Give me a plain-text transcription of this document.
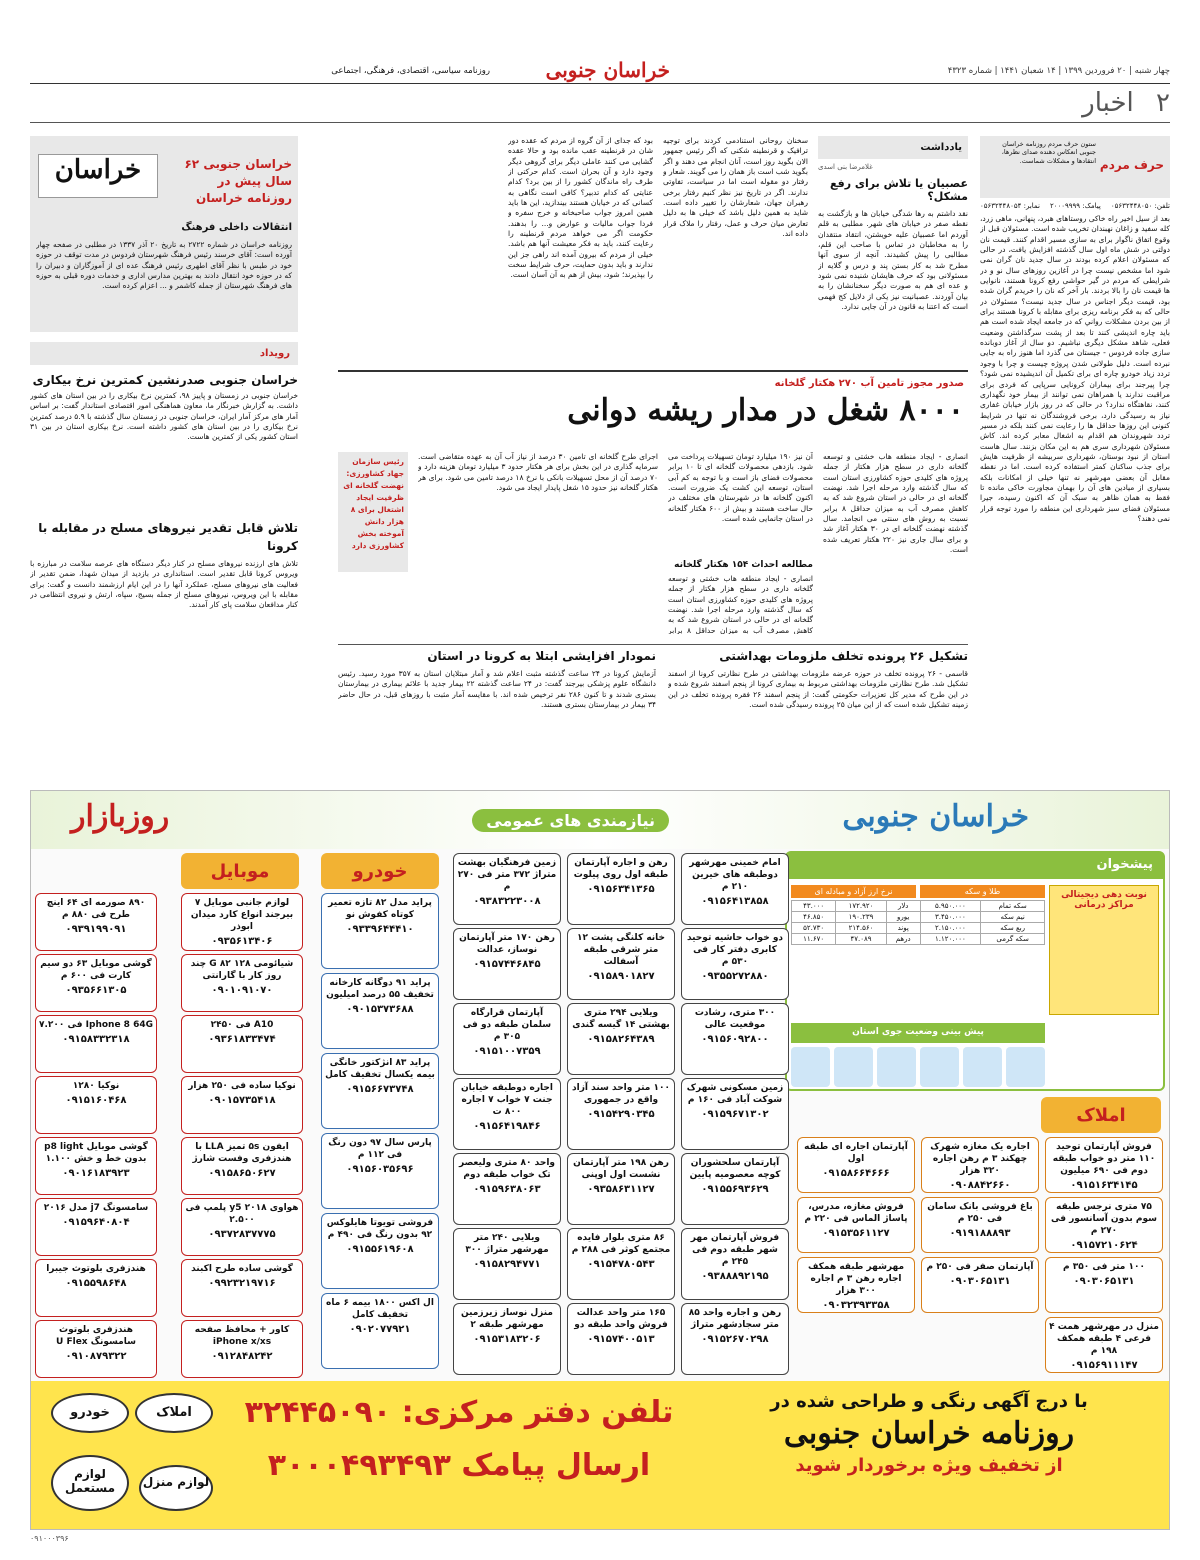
چهار شنبه | ۲۰ فروردین ۱۳۹۹ | ۱۴ شعبان ۱۴۴۱ | شماره ۴۳۲۳
خراسان جنوبی
روزنامه سیاسی، اقتصادی، فرهنگی، اجتماعی
۲ اخبار
حرف مردم
ستون حرف مردم روزنامه خراسان جنوبی انعکاس دهنده صدای نظرها، انتقادها و مشکلات شماست.
تلفن: ۰۵۶۳۲۴۴۸۰۵۰
پیامک: ۲۰۰۰۹۹۹۹
نمابر: ۰۵۶۳۲۴۴۸۰۵۴
بعد از سیل اخیر راه خاکی روستاهای هبرد، پنهانی، ماهی زرد، کله سفید و زاغان نهبندان تخریب شده است. مسئولان قبل از وقوع اتفاق ناگوار برای به سازی مسیر اقدام کنند. قیمت نان دولتی در شش ماه اول سال گذشته افزایش یافت، در حالی که مسئولان اعلام کرده بودند در سال جدید نان گران نمی شود اما مشخص نیست چرا در آغازین روزهای سال نو و در شرایطی که مردم در گیر حواشی رفع کرونا هستند، نانوایی ها قیمت نان را بالا بردند. بار آخر که نان را خریدم گران شده بود، قیمت دیگر اجناس در سال جدید نیست؟ مسئولان در حالی که به فکر برنامه ریزی برای مقابله با کرونا هستند برای از بین بردن مشکلات رواني که در جامعه ایجاد شده است هم باید چاره اندیشی کنند تا بعد از پشت سرگذاشتن وضعیت فعلی، شاهد مشکل دیگری نباشیم. دو سال از آغاز دوبانده سازی جاده فردوس - جیستان می گذرد اما هنوز راه به جایی نبرده است. دلیل طولانی شدن پروژه چیست و چرا با وجود تردد زیاد خودرو چاره ای برای تکمیل آن اندیشیده نمی شود؟ چرا پیرجند برای بیماران کرونایی سرپایی که فردی برای مراقبت ندارند یا همراهان نمی توانند از بیمار خود نگهداری کنند، نقاهتگاه ندارد؟ در حالی که در روز بازار خیابان غفاری نیاز به رسیدگی دارد، برخی فروشندگان نه تنها در شرایط کنونی این روزها حداقل ها را رعایت نمی کنند بلکه در مسیر تردد شهروندان هم اقدام به اشغال معابر کرده اند. کاش مسئولان شهرداری سری هم به این مکان بزنند. سال هاست استان از نبود بوستان، شهرداری سربیشه از ظرفیت هایش برای جذب ساکنان کمتر استفاده کرده است. اما در نقطه مقابل آن بعضی مهرشهر نه تنها خیلی از امکانات بلکه بسیاری از میادین های آن را بهمان مجاورت خاکی مانده تا فقط به همان ظاهر به سبک آن که اکنون رسیده، جیرا مسئولان فضای سبز شهرداری این منطقه را مورد توجه قرار نمی دهند؟
یادداشت
غلامرضا بنی اسدی
عصبیان یا تلاش برای رفع مشکل؟
نقد داشتم به رها شدگی خیابان ها و بازگشت به نقطه صفر در خیابان های شهر. مطلبی به قلم آوردم اما عصبیان علیه خویشتن، انتقاد منتقدان را به مخاطبان در تماس با صاحب این قلم، مطالبی را پیش کشیدند. آنچه از سوی آنها مطرح شد به کار بستن پند و درس و گلایه از مسئولانی بود که حرف هایشان شنیده نمی شود و عده ای هم به صورت دیگر سخنانشان را به بیان آوردند. عصبانیت نیز یکی از دلایل کج فهمی است که اعتنا به قانون در آن جایی ندارد.
سخنان روحانی استنادمی کردند برای توجیه ترافیک و قرنطینه شکنی که اگر رئیس جمهور الان بگوید روز است، آنان انجام می دهند و اگر بگوید شب است باز همان را می گویند. شعار و رفتار دو مقوله است اما در سیاست، تفاوتی ندارند. اگر در تاریخ نیز نظر کنیم رفتار برخی رهبران جهان، شعارشان را تغییر داده است. شاید به همین دلیل باشد که خیلی ها به دلیل تعارض میان حرف و عمل، رفتار را ملاک قرار داده اند.
بود که جدای از آن گروه از مردم که عقده دور شان در قرنطینه عقب مانده بود و حالا عقده گشایی می کنند عاملی دیگر برای گروهی دیگر وجود دارد و آن بحران است. کدام حرکتی از طرف راه ماندگان کشور را از بین برد؟ کدام عنایتی که کدام تدبیر؟ کافی است نگاهی به کسانی که در خیابان هستند بیندازید، این ها باید همین امروز جواب صاحبخانه و خرج سفره و فردا جواب مالیات و عوارض و... را بدهند. حکومت اگر می خواهد مردم قرنطینه را رعایت کنند، باید به فکر معیشت آنها هم باشد. خیلی از مردم که بیرون آمده اند راهی جز این ندارند و باید بدون حمایت، حرف شرایط سخت را بپذیرند؛ شود، بیش از هم به آن آسان است.
خراسان جنوبی ۶۲ سال پیش در روزنامه خراسان
خراسان
انتقالات داخلی فرهنگ
روزنامه خراسان در شماره ۲۷۲۲ به تاریخ ۲۰ آذر ۱۳۳۷ در مطلبی در صفحه چهار آورده است: آقای خرسند رئیس فرهنگ شهرستان فردوس در مدت توقف در حوزه خود در طبس با نظر آقای اطهری رئیس فرهنگ عده ای از آموزگاران و دبیران را که در حوزه خود انتقال دادند به بهترین مدارس اداری و خدمات دوره قبلی به حوزه های فرهنگ شهرستان از جمله کاشمر و ... اعزام کرده است.
رویداد
خراسان جنوبی صدرنشین کمترین نرخ بیکاری
خراسان جنوبی در زمستان و پاییز ۹۸، کمترین نرخ بیکاری را در بین استان های کشور داشت. به گزارش خبرنگار ما، معاون هماهنگی امور اقتصادی استاندار گفت: بر اساس آمار های مرکز آمار ایران، خراسان جنوبی در زمستان سال گذشته با ۵.۹ درصد کمترین نرخ بیکاری را در بین استان های کشور داشته است. نرخ بیکاری استان در بین ۳۱ استان کشور یکی از کمترین هاست.
تلاش قابل تقدیر نیروهای مسلح در مقابله با کرونا
تلاش های ارزنده نیروهای مسلح در کنار دیگر دستگاه های عرصه سلامت در مبارزه با ویروس کرونا قابل تقدیر است. استانداری در بازدید از میدان شهدا، ضمن تقدیر از فعالیت های نیروهای مسلح، عملکرد آنها را در این ایام ارزشمند دانست و گفت: برای مقابله با این ویروس، نیروهای مسلح از جمله بسیج، سپاه، ارتش و نیروی انتظامی در کنار مدافعان سلامت پای کار آمدند.
صدور مجوز تامین آب ۲۷۰ هکتار گلخانه
۸۰۰۰ شغل در مدار ریشه دوانی
انصاری - ایجاد منطقه هاب خشتی و توسعه گلخانه داری در سطح هزار هکتار از جمله پروژه های کلیدی حوزه کشاورزی استان است که سال گذشته وارد مرحله اجرا شد. نهضت گلخانه ای در حالی در استان شروع شد که به کاهش مصرف آب به میزان حداقل ۸ برابر نسبت به روش های سنتی می انجامد. سال گذشته نهضت گلخانه ای در ۳۰ هکتار آغاز شد و برای سال جاری نیز ۲۲۰ هکتار تعریف شده است.
آن نیز ۱۹۰ میلیارد تومان تسهیلات پرداخت می شود. بازدهی محصولات گلخانه ای تا ۱۰ برابر محصولات فضای باز است و با توجه به کم آبی استان، توسعه این کشت یک ضرورت است. اکنون گلخانه ها در شهرستان های مختلف در حال ساخت هستند و بیش از ۶۰۰ هکتار گلخانه در استان جانمایی شده است.
مطالعه احداث ۱۵۴ هکتار گلخانه
انصاری - ایجاد منطقه هاب خشتی و توسعه گلخانه داری در سطح هزار هکتار از جمله پروژه های کلیدی حوزه کشاورزی استان است که سال گذشته وارد مرحله اجرا شد. نهضت گلخانه ای در حالی در استان شروع شد که به کاهش مصرف آب به میزان حداقل ۸ برابر
اجرای طرح گلخانه ای تامین ۳۰ درصد از نیاز آب آن به عهده متقاضی است. سرمایه گذاری در این بخش برای هر هکتار حدود ۳ میلیارد تومان هزینه دارد و ۷۰ درصد آن از محل تسهیلات بانکی با نرخ ۱۸ درصد تامین می شود. برای هر هکتار گلخانه نیز حدود ۱۵ شغل پایدار ایجاد می شود.
رئیس سازمان جهاد کشاورزی: نهضت گلخانه ای ظرفیت ایجاد اشتغال برای ۸ هزار دانش آموخته بخش کشاورزی دارد
تشکیل ۲۶ پرونده تخلف ملزومات بهداشتی
قاسمی - ۲۶ پرونده تخلف در حوزه عرضه ملزومات بهداشتی در طرح نظارتی کرونا از اسفند تشکیل شد. طرح نظارتی ملزومات بهداشتی مربوط به بیماری کرونا از پنجم اسفند شروع شده و در این طرح که مدیر کل تعزیرات حکومتی گفت: از پنجم اسفند ۲۶ فقره پرونده تخلف در این زمینه تشکیل شده است که از این میان ۲۵ پرونده رسیدگی شده است.
نمودار افزایشی ابتلا به کرونا در استان
آزمایش کرونا در ۲۴ ساعت گذشته مثبت اعلام شد و آمار مبتلایان استان به ۳۵۷ مورد رسید. رئیس دانشگاه علوم پزشکی بیرجند گفت: در ۲۴ ساعت گذشته ۲۲ بیمار جدید با علائم بیماری در بیمارستان بستری شدند و تا کنون ۲۸۶ نفر ترخیص شده اند. با مقایسه آمار مثبت با روزهای قبل، در حال حاضر ۳۴ بیمار در بیمارستان بستری هستند.
خراسان جنوبی
نیازمندی های عمومی
روزبازار
پیشخوان
نوبت دهی دیجیتالی مراکز درمانی
طلا و سکه
نرخ ارز آزاد و مبادله ای
سکه تمام	۵.۹۵۰.۰۰۰	دلار	۱۷۲.۹۲۰	۴۳.۰۰۰
نیم سکه	۳.۴۵۰.۰۰۰	یورو	۱۹۰.۲۳۹	۴۶.۸۵۰
ربع سکه	۲.۱۵۰.۰۰۰	پوند	۲۱۴.۵۶۰	۵۲.۷۳۰
سکه گرمی	۱.۱۲۰.۰۰۰	درهم	۴۷.۰۸۹	۱۱.۶۷۰
پیش بینی وضعیت جوی استان
املاک
خودرو
موبایل
با درج آگهی رنگی و طراحی شده در
روزنامه خراسان جنوبی
از تخفیف ویژه برخوردار شوید
تلفن دفتر مرکزی: ۳۲۴۴۵۰۹۰
ارسال پیامک ۳۰۰۰۴۹۳۴۹۳
املاک
خودرو
لوازم مستعمل	لوازم منزل
امام خمینی مهرشهر دوطبقه های خیرین ۲۱۰ م
۰۹۱۵۶۴۱۳۸۵۸
رهن و اجاره آپارتمان طبقه اول روی پیلوت
۰۹۱۵۶۳۴۱۳۶۵
زمین فرهنگیان بهشت متراژ ۳۷۲ متر فی ۲۷۰ م
۰۹۳۸۳۲۲۳۰۰۸
دو خواب حاشیه توحید کابری دفتر کار فی ۵۳۰ م
۰۹۳۵۵۲۷۲۸۸۰
خانه کلنگی پشت ۱۲ متر شرقی طبقه آسفالت
۰۹۱۵۸۹۰۱۸۲۷
رهن ۱۷۰ متر آپارتمان نوساز، عدالت
۰۹۱۵۷۴۴۶۸۴۵
۳۰۰ متری، رشادت موقعیت عالی
۰۹۱۵۶۰۹۲۸۰۰
ویلایی ۲۹۴ متری بهشتی ۱۴ گیسه گندی
۰۹۱۵۸۲۶۴۳۸۹
آپارتمان قرارگاه سلمان طبقه دو فی ۳۰۵ م
۰۹۱۵۱۰۰۷۳۵۹
زمین مسکونی شهرک شوکت آباد فی ۱۶۰ م
۰۹۱۵۹۶۷۱۳۰۲
۱۰۰ متر واحد سند آزاد واقع در جمهوری
۰۹۱۵۴۲۹۰۳۴۵
اجاره دوطبقه خیابان جنت ۷ خواب ۷ اجاره ۸۰۰ ت
۰۹۱۵۶۴۱۹۸۴۶
آپارتمان سلحشوران کوچه معصومیه پایین
۰۹۱۵۵۶۹۳۶۲۹
رهن ۱۹۸ متر آپارتمان نشست اول اوپنی
۰۹۳۵۸۶۳۱۱۲۷
واحد ۸۰ متری ولیعصر تک خواب طبقه دوم
۰۹۱۵۹۶۳۸۰۶۳
فروش آپارتمان مهر شهر طبقه دوم فی ۲۴۵ م
۰۹۳۸۸۸۹۲۱۹۵
۸۶ متری بلوار فایده مجتمع کوثر فی ۲۸۸ م
۰۹۱۵۴۷۸۰۵۴۳
ویلایی ۲۴۰ متر مهرشهر متراژ ۳۰۰
۰۹۱۵۸۲۹۴۷۷۱
رهن و اجاره واحد ۸۵ متر سجادشهر متراژ
۰۹۱۵۲۶۷۰۲۹۸
۱۶۵ متر واحد عدالت فروش واحد طبقه دو
۰۹۱۵۷۴۰۰۵۱۳
منزل نوساز زیرزمین مهرشهر طبقه ۲
۰۹۱۵۳۱۸۳۲۰۶
فروش آپارتمان توحید ۱۱۰ متر دو خواب طبقه دوم فی ۶۹۰ میلیون
۰۹۱۵۱۶۳۴۱۴۵
اجاره یک مغازه شهرک چهکند ۳ م رهن اجاره ۳۲۰ هزار
۰۹۰۸۸۴۲۶۶۰
آپارتمان اجاره ای طبقه اول
۰۹۱۵۸۶۶۴۶۶۶
۷۵ متری نرجس طبقه سوم بدون آسانسور فی ۲۷۰ م
۰۹۱۵۷۲۱۰۶۲۴
باغ فروشی بانک سامان فی ۲۵۰ م
۰۹۱۹۱۸۸۸۹۳
فروش مغازه، مدرس، پاساژ الماس فی ۲۲۰ م
۰۹۱۵۳۵۶۱۱۲۷
۱۰۰ متر فی ۳۵۰ م
۰۹۰۳۰۶۵۱۳۱
آپارتمان صفر فی ۲۵۰ م
۰۹۰۳۰۶۵۱۳۱
مهرشهر طبقه همکف اجاره رهن ۳ م اجاره ۳۰۰ هزار
۰۹۰۳۲۳۹۳۳۵۸
منزل در مهرشهر همت ۴ فرعی ۴ طبقه همکف ۱۹۸ م
۰۹۱۵۶۹۱۱۱۴۷
پراید مدل ۸۲ تازه تعمیر کوتاه کفوش نو
۰۹۳۳۹۶۴۴۴۱۰
پراید ۹۱ دوگانه کارخانه تخفیف ۵۵ درصد امیلیون
۰۹۰۱۵۳۷۳۶۸۸
پراید ۸۳ انژکتور خانگی بیمه یکسال تخفیف کامل
۰۹۱۵۶۶۷۳۷۴۸
پارس سال ۹۷ دون رنگ فی ۱۱۲ م
۰۹۱۵۶۰۳۵۶۹۶
فروشی تویوتا هایلوکس ۹۲ بدون رنگ فی ۴۹۰ م
۰۹۱۵۵۶۱۹۶۰۸
ال اکس ۱۸۰۰ بیمه ۶ ماه تخفیف کامل
۰۹۰۲۰۷۷۹۲۱
لوازم جانبی موبایل ۷ بیرجند انواع کارد میدان ابوذر
۰۹۳۵۶۱۳۴۰۶
۸۹۰ صورمه ای ۶۴ اینچ طرح فی ۸۸۰ م
۰۹۳۹۱۹۹۰۹۱
شیائومی ۱۲۸ G ۸۲ چند روز کار با گارانتی
۰۹۰۱۰۹۱۰۷۰
گوشی موبایل ۶۳ دو سیم کارت فی ۶۰۰ م
۰۹۳۵۶۶۱۳۰۵
A10 فی ۲۴۵۰
۰۹۳۶۱۸۳۳۴۷۴
Iphone 8 64G فی ۷.۲۰۰
۰۹۱۵۸۳۳۲۳۱۸
نوکیا ساده فی ۲۵۰ هزار
۰۹۰۱۵۷۳۵۴۱۸
نوکیا ۱۲۸۰
۰۹۱۵۱۶۰۴۶۸
ایفون ۵s تمیز LLA با هندزفری وفست شارژ
۰۹۱۵۸۶۵۰۶۲۷
گوشی موبایل p8 light بدون خط و خش ۱.۱۰۰
۰۹۰۱۶۱۸۳۹۲۳
هواوی ۲۰۱۸ y5 پلمپ فی ۲.۵۰۰
۰۹۳۷۲۸۳۷۷۷۵
سامسونگ j7 مدل ۲۰۱۶
۰۹۱۵۹۶۴۰۸۰۴
گوشی ساده طرح اکبند
۰۹۹۲۳۲۱۹۷۱۶
هندزفری بلوتوث جیبرا
۰۹۱۵۵۹۸۶۴۸
کاور + محافظ صفحه iPhone x/xs
۰۹۱۲۸۴۸۲۴۲
هندزفری بلوتوث سامسونگ U Flex
۰۹۱۰۸۷۹۳۲۲
۰۹۱۰۰۰۳۹۶
